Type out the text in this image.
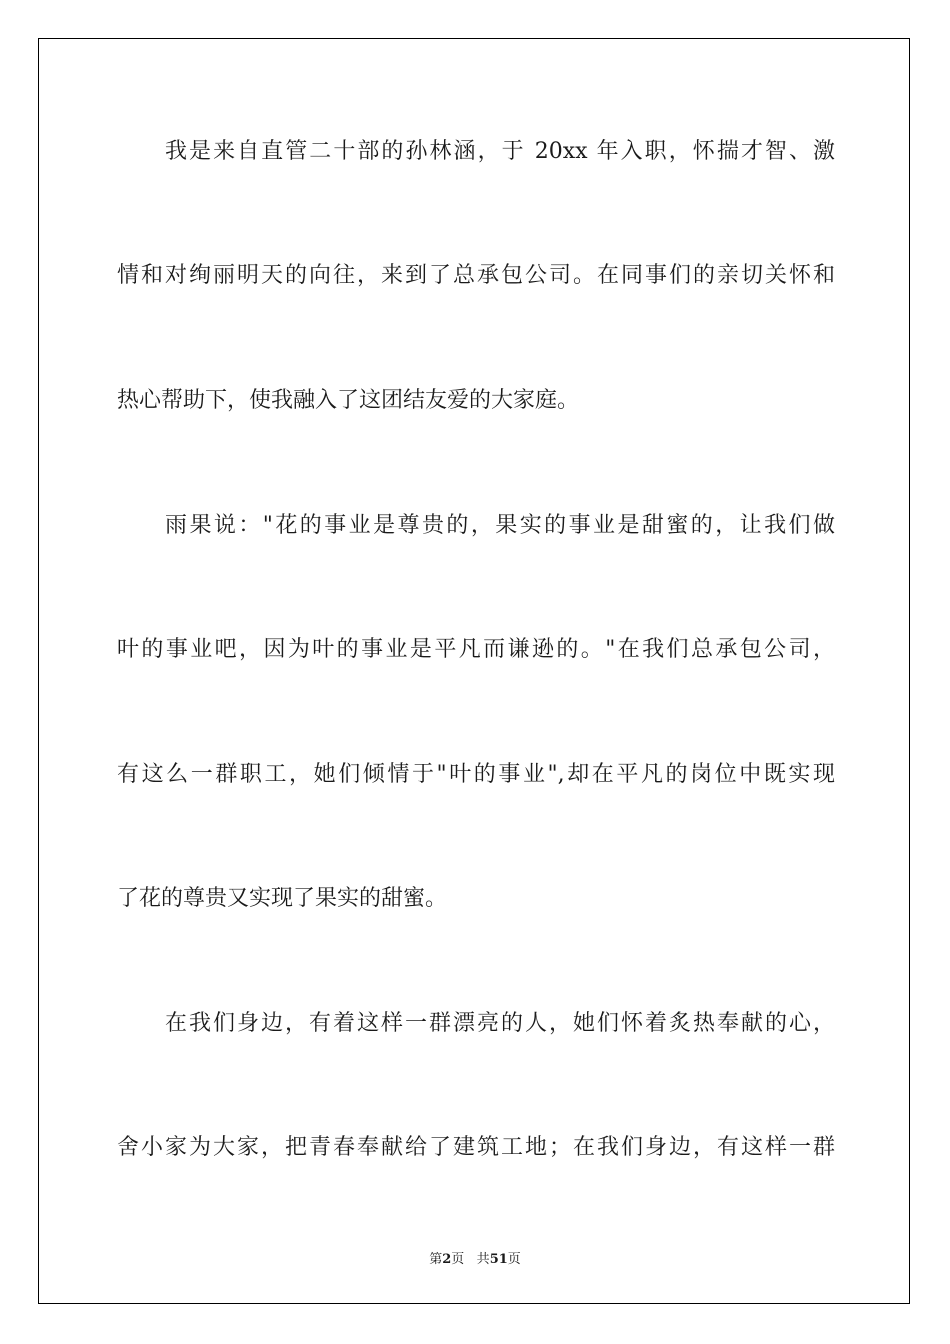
我是来自直管二十部的孙林涵，于 20xx 年入职，怀揣才智、激
情和对绚丽明天的向往，来到了总承包公司。在同事们的亲切关怀和
热心帮助下，使我融入了这团结友爱的大家庭。
雨果说："花的事业是尊贵的，果实的事业是甜蜜的，让我们做
叶的事业吧，因为叶的事业是平凡而谦逊的。"在我们总承包公司，
有这么一群职工，她们倾情于"叶的事业",却在平凡的岗位中既实现
了花的尊贵又实现了果实的甜蜜。
在我们身边，有着这样一群漂亮的人，她们怀着炙热奉献的心，
舍小家为大家，把青春奉献给了建筑工地；在我们身边，有这样一群
第2页 共51页
